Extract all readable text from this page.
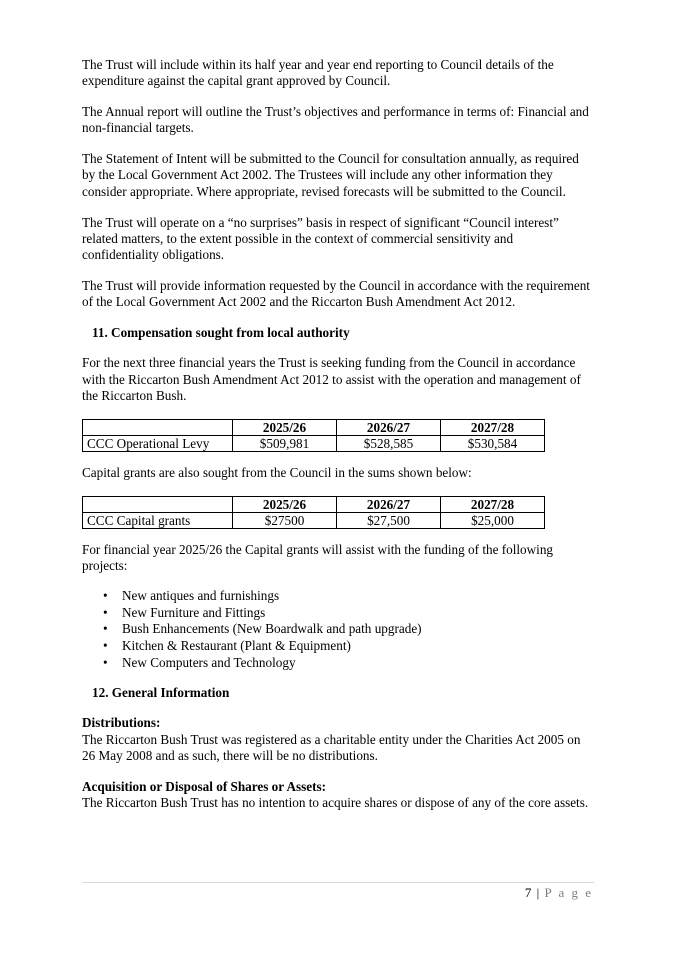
The Trust will include within its half year and year end reporting to Council details of the expenditure against the capital grant approved by Council.

The Annual report will outline the Trust’s objectives and performance in terms of: Financial and non-financial targets.

The Statement of Intent will be submitted to the Council for consultation annually, as required by the Local Government Act 2002. The Trustees will include any other information they consider appropriate. Where appropriate, revised forecasts will be submitted to the Council.

The Trust will operate on a “no surprises” basis in respect of significant “Council interest” related matters, to the extent possible in the context of commercial sensitivity and confidentiality obligations.

The Trust will provide information requested by the Council in accordance with the requirement of the Local Government Act 2002 and the Riccarton Bush Amendment Act 2012.

11. Compensation sought from local authority

For the next three financial years the Trust is seeking funding from the Council in accordance with the Riccarton Bush Amendment Act 2012 to assist with the operation and management of the Riccarton Bush.

	2025/26	2026/27	2027/28
CCC Operational Levy	$509,981	$528,585	$530,584

Capital grants are also sought from the Council in the sums shown below:

	2025/26	2026/27	2027/28
CCC Capital grants	$27500	$27,500	$25,000

For financial year 2025/26 the Capital grants will assist with the funding of the following projects:

• New antiques and furnishings
• New Furniture and Fittings
• Bush Enhancements (New Boardwalk and path upgrade)
• Kitchen & Restaurant (Plant & Equipment)
• New Computers and Technology
12. General Information
Distributions:

The Riccarton Bush Trust was registered as a charitable entity under the Charities Act 2005 on 26 May 2008 and as such, there will be no distributions.

Acquisition or Disposal of Shares or Assets:

The Riccarton Bush Trust has no intention to acquire shares or dispose of any of the core assets.

7 | P a g e
